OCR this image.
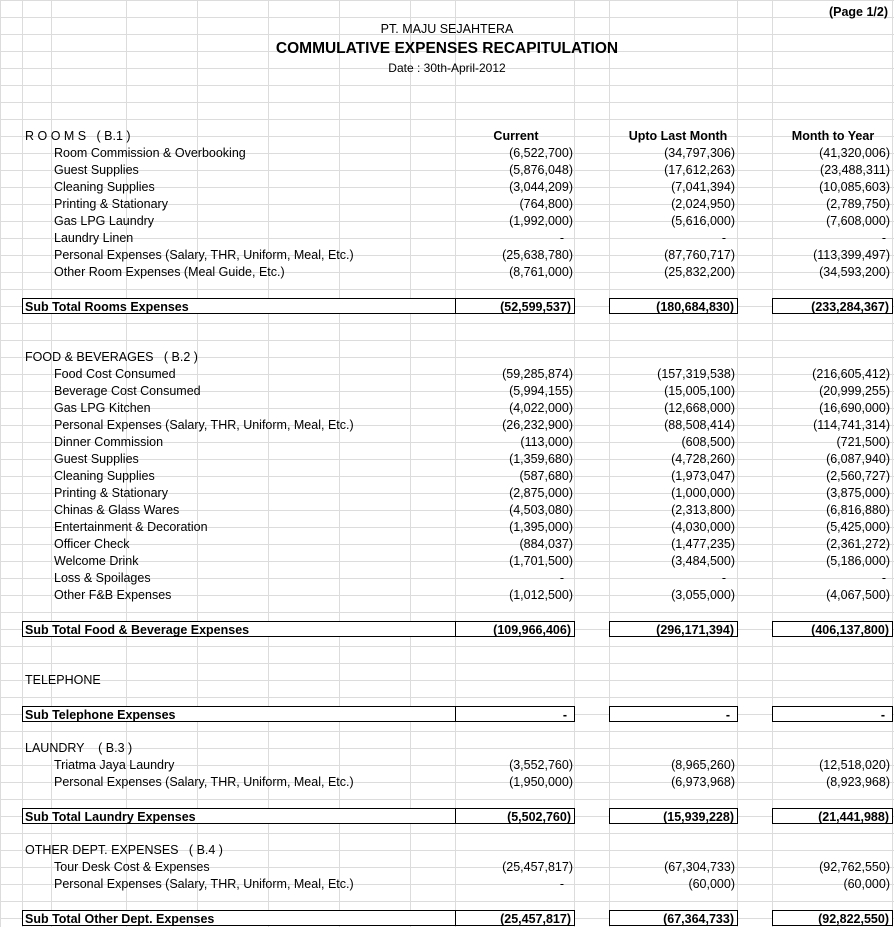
(Page 1/2)
PT. MAJU SEJAHTERA
COMMULATIVE EXPENSES RECAPITULATION
Date : 30th-April-2012
R O O M S   ( B.1 )	Current	Upto Last Month	Month to Year
Room Commission & Overbooking	(6,522,700)	(34,797,306)	(41,320,006)
Guest Supplies	(5,876,048)	(17,612,263)	(23,488,311)
Cleaning Supplies	(3,044,209)	(7,041,394)	(10,085,603)
Printing & Stationary	(764,800)	(2,024,950)	(2,789,750)
Gas LPG Laundry	(1,992,000)	(5,616,000)	(7,608,000)
Laundry Linen	-	-	-
Personal Expenses (Salary, THR, Uniform, Meal, Etc.)	(25,638,780)	(87,760,717)	(113,399,497)
Other Room Expenses (Meal Guide, Etc.)	(8,761,000)	(25,832,200)	(34,593,200)
Sub Total Rooms Expenses	(52,599,537)	(180,684,830)	(233,284,367)
FOOD & BEVERAGES   ( B.2 )
Food Cost Consumed	(59,285,874)	(157,319,538)	(216,605,412)
Beverage Cost Consumed	(5,994,155)	(15,005,100)	(20,999,255)
Gas LPG Kitchen	(4,022,000)	(12,668,000)	(16,690,000)
Personal Expenses (Salary, THR, Uniform, Meal, Etc.)	(26,232,900)	(88,508,414)	(114,741,314)
Dinner Commission	(113,000)	(608,500)	(721,500)
Guest Supplies	(1,359,680)	(4,728,260)	(6,087,940)
Cleaning Supplies	(587,680)	(1,973,047)	(2,560,727)
Printing & Stationary	(2,875,000)	(1,000,000)	(3,875,000)
Chinas & Glass Wares	(4,503,080)	(2,313,800)	(6,816,880)
Entertainment & Decoration	(1,395,000)	(4,030,000)	(5,425,000)
Officer Check	(884,037)	(1,477,235)	(2,361,272)
Welcome Drink	(1,701,500)	(3,484,500)	(5,186,000)
Loss & Spoilages	-	-	-
Other F&B Expenses	(1,012,500)	(3,055,000)	(4,067,500)
Sub Total Food & Beverage Expenses	(109,966,406)	(296,171,394)	(406,137,800)
TELEPHONE
Sub Telephone Expenses	-	-	-
LAUNDRY    ( B.3 )
Triatma Jaya Laundry	(3,552,760)	(8,965,260)	(12,518,020)
Personal Expenses (Salary, THR, Uniform, Meal, Etc.)	(1,950,000)	(6,973,968)	(8,923,968)
Sub Total Laundry Expenses	(5,502,760)	(15,939,228)	(21,441,988)
OTHER DEPT. EXPENSES   ( B.4 )
Tour Desk Cost & Expenses	(25,457,817)	(67,304,733)	(92,762,550)
Personal Expenses (Salary, THR, Uniform, Meal, Etc.)	-	(60,000)	(60,000)
Sub Total Other Dept. Expenses	(25,457,817)	(67,364,733)	(92,822,550)
